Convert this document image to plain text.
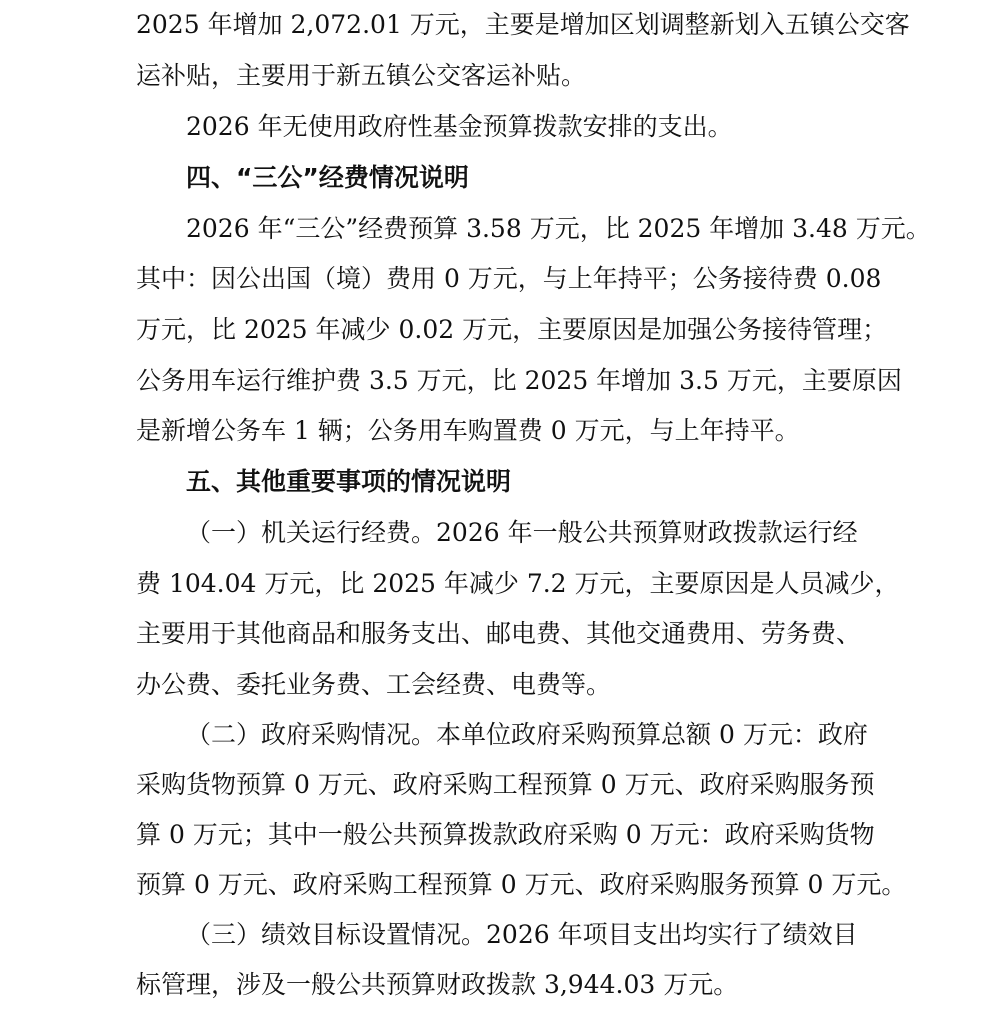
2025 年增加 2,072.01 万元，主要是增加区划调整新划入五镇公交客
运补贴，主要用于新五镇公交客运补贴。
2026 年无使用政府性基金预算拨款安排的支出。
四、“三公”经费情况说明
2026 年“三公”经费预算 3.58 万元，比 2025 年增加 3.48 万元。
其中：因公出国（境）费用 0 万元，与上年持平；公务接待费 0.08
万元，比 2025 年减少 0.02 万元，主要原因是加强公务接待管理；
公务用车运行维护费 3.5 万元，比 2025 年增加 3.5 万元，主要原因
是新增公务车 1 辆；公务用车购置费 0 万元，与上年持平。
五、其他重要事项的情况说明
（一）机关运行经费。2026 年一般公共预算财政拨款运行经
费 104.04 万元，比 2025 年减少 7.2 万元，主要原因是人员减少，
主要用于其他商品和服务支出、邮电费、其他交通费用、劳务费、
办公费、委托业务费、工会经费、电费等。
（二）政府采购情况。本单位政府采购预算总额 0 万元：政府
采购货物预算 0 万元、政府采购工程预算 0 万元、政府采购服务预
算 0 万元；其中一般公共预算拨款政府采购 0 万元：政府采购货物
预算 0 万元、政府采购工程预算 0 万元、政府采购服务预算 0 万元。
（三）绩效目标设置情况。2026 年项目支出均实行了绩效目
标管理，涉及一般公共预算财政拨款 3,944.03 万元。
